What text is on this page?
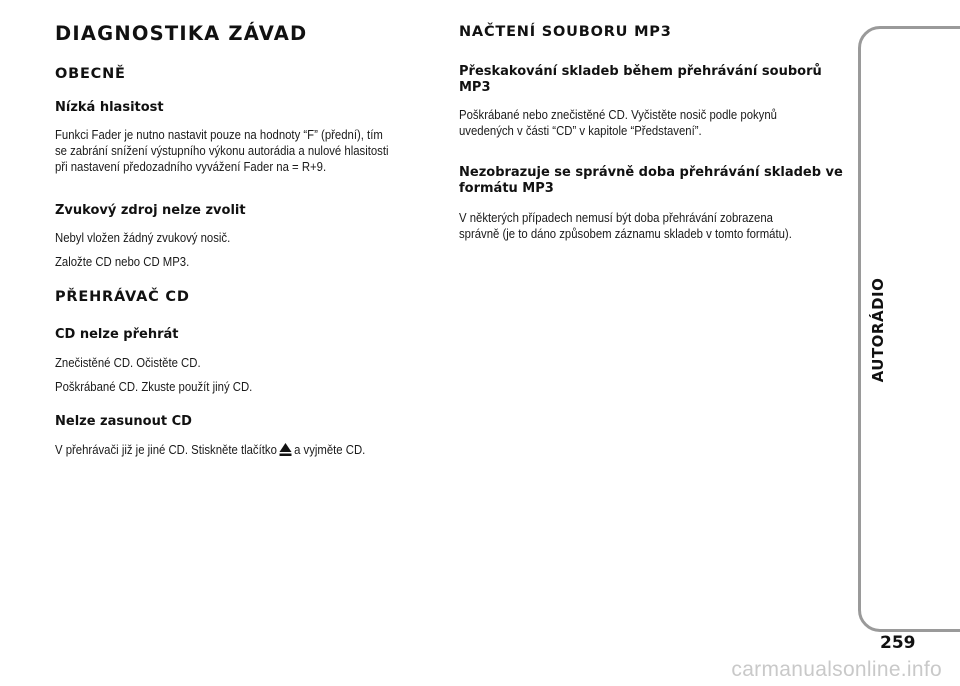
DIAGNOSTIKA ZÁVAD
OBECNĚ
Nízká hlasitost
Funkci Fader je nutno nastavit pouze na hodnoty “F” (přední), tím
se zabrání snížení výstupního výkonu autorádia a nulové hlasitosti
při nastavení předozadního vyvážení Fader na = R+9.
Zvukový zdroj nelze zvolit
Nebyl vložen žádný zvukový nosič.
Založte CD nebo CD MP3.
PŘEHRÁVAČ CD
CD nelze přehrát
Znečistěné CD. Očistěte CD.
Poškrábané CD. Zkuste použít jiný CD.
Nelze zasunout CD
V přehrávači již je jiné CD. Stiskněte tlačítko a vyjměte CD.
NAČTENÍ SOUBORU MP3
Přeskakování skladeb během přehrávání souborů
MP3
Poškrábané nebo znečistěné CD. Vyčistěte nosič podle pokynů
uvedených v části “CD” v kapitole “Představení”.
Nezobrazuje se správně doba přehrávání skladeb ve
formátu MP3
V některých případech nemusí být doba přehrávání zobrazena
správně (je to dáno způsobem záznamu skladeb v tomto formátu).
AUTORÁDIO
259
carmanualsonline.info
